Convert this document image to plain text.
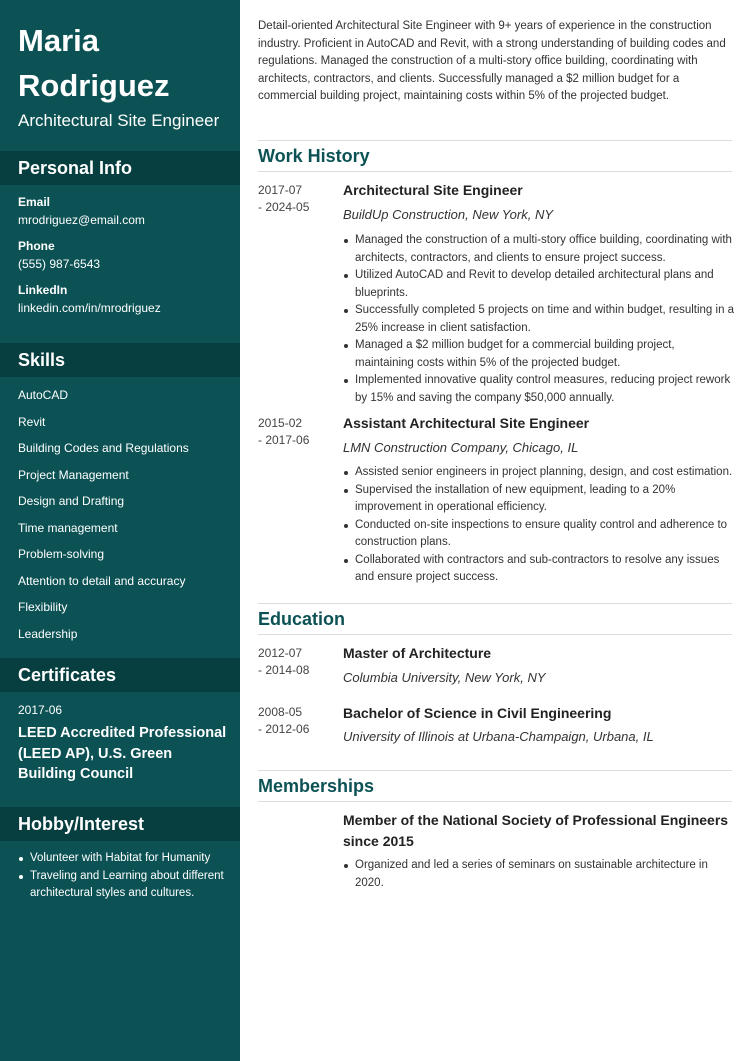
Maria
Rodriguez
Architectural Site Engineer
Personal Info
Email
mrodriguez@email.com
Phone
(555) 987-6543
LinkedIn
linkedin.com/in/mrodriguez
Skills
AutoCAD
Revit
Building Codes and Regulations
Project Management
Design and Drafting
Time management
Problem-solving
Attention to detail and accuracy
Flexibility
Leadership
Certificates
2017-06
LEED Accredited Professional (LEED AP), U.S. Green Building Council
Hobby/Interest
Volunteer with Habitat for Humanity
Traveling and Learning about different architectural styles and cultures.
Detail-oriented Architectural Site Engineer with 9+ years of experience in the construction industry. Proficient in AutoCAD and Revit, with a strong understanding of building codes and regulations. Managed the construction of a multi-story office building, coordinating with architects, contractors, and clients. Successfully managed a $2 million budget for a commercial building project, maintaining costs within 5% of the projected budget.
Work History
2017-07
- 2024-05
Architectural Site Engineer
BuildUp Construction, New York, NY
Managed the construction of a multi-story office building, coordinating with architects, contractors, and clients to ensure project success.
Utilized AutoCAD and Revit to develop detailed architectural plans and blueprints.
Successfully completed 5 projects on time and within budget, resulting in a 25% increase in client satisfaction.
Managed a $2 million budget for a commercial building project, maintaining costs within 5% of the projected budget.
Implemented innovative quality control measures, reducing project rework by 15% and saving the company $50,000 annually.
2015-02
- 2017-06
Assistant Architectural Site Engineer
LMN Construction Company, Chicago, IL
Assisted senior engineers in project planning, design, and cost estimation.
Supervised the installation of new equipment, leading to a 20% improvement in operational efficiency.
Conducted on-site inspections to ensure quality control and adherence to construction plans.
Collaborated with contractors and sub-contractors to resolve any issues and ensure project success.
Education
2012-07
- 2014-08
Master of Architecture
Columbia University, New York, NY
2008-05
- 2012-06
Bachelor of Science in Civil Engineering
University of Illinois at Urbana-Champaign, Urbana, IL
Memberships
Member of the National Society of Professional Engineers since 2015
Organized and led a series of seminars on sustainable architecture in 2020.
